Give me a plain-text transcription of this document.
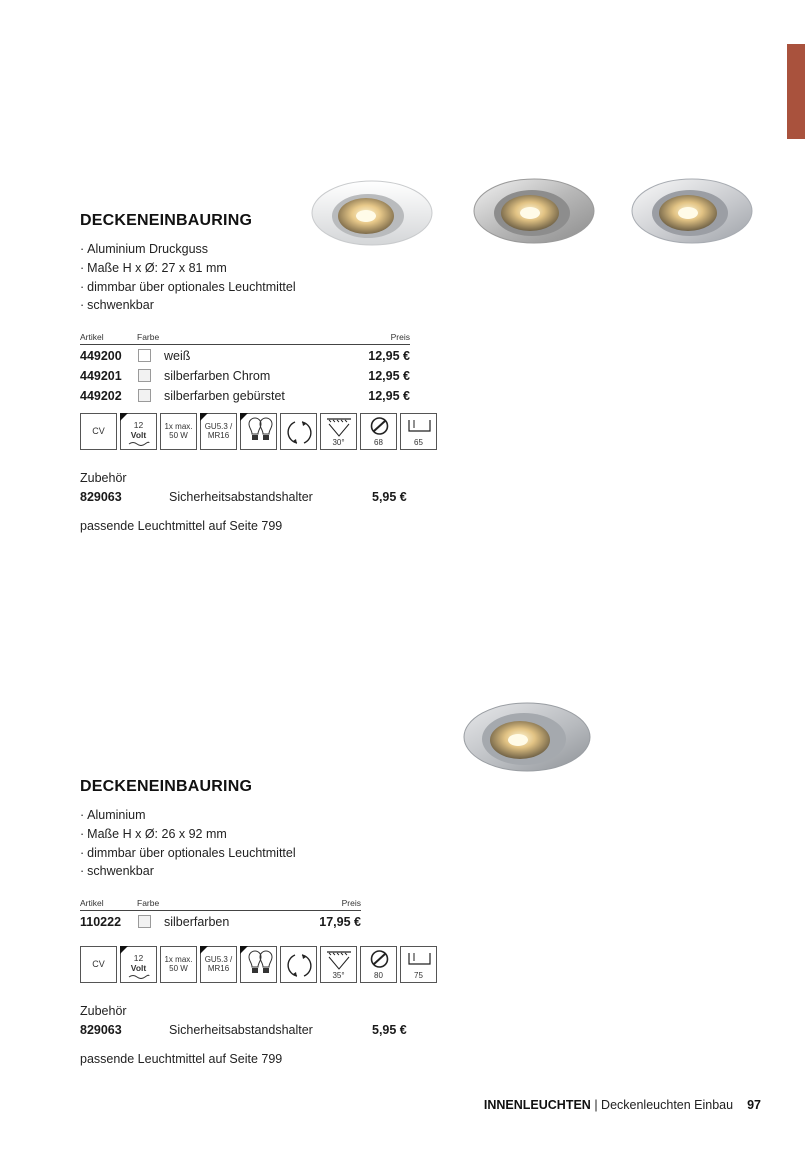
DECKENEINBAURING
· Aluminium Druckguss
· Maße H x Ø: 27 x 81 mm
· dimmbar über optionales Leuchtmittel
· schwenkbar
Artikel	Farbe	Preis
449200	weiß	12,95 €
449201	silberfarben Chrom	12,95 €
449202	silberfarben gebürstet	12,95 €
CV
12
Volt
1x max.
50 W
GU5.3 /
MR16
30°	68	65
Zubehör
829063	Sicherheitsabstandshalter	5,95 €
passende Leuchtmittel auf Seite 799
DECKENEINBAURING
· Aluminium
· Maße H x Ø: 26 x 92 mm
· dimmbar über optionales Leuchtmittel
· schwenkbar
Artikel	Farbe	Preis
110222	silberfarben	17,95 €
CV
12
Volt
1x max.
50 W
GU5.3 /
MR16
35°	80	75
Zubehör
829063	Sicherheitsabstandshalter	5,95 €
passende Leuchtmittel auf Seite 799
INNENLEUCHTEN | Deckenleuchten Einbau 97
